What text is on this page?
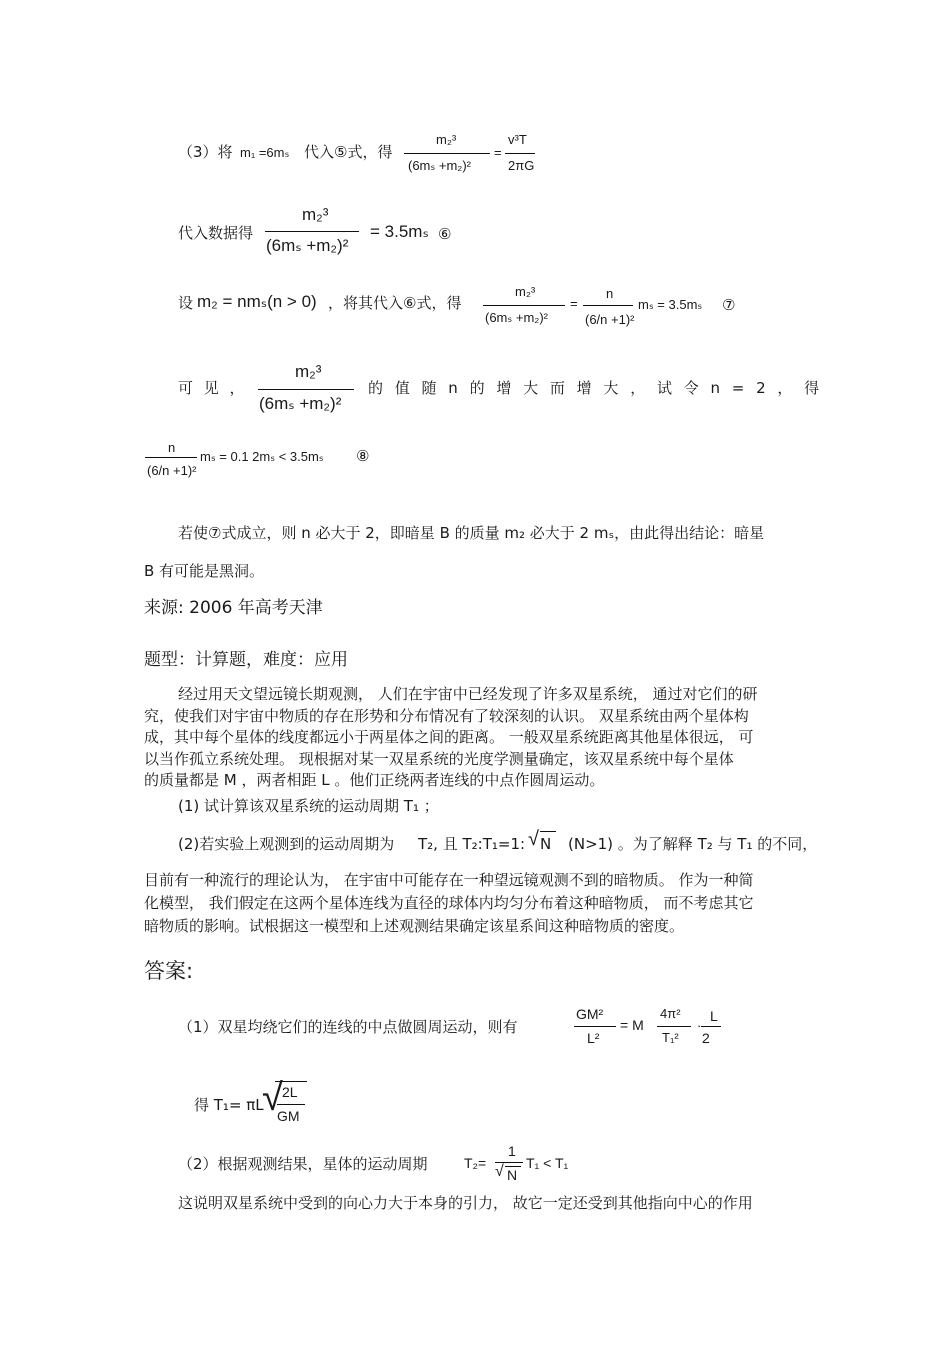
（3）将 m₁ =6mₛ 代入⑤式，得
m₂³
(6mₛ +m₂)²
=
v³T
2πG
代入数据得
m₂³
(6mₛ +m₂)²
= 3.5mₛ ⑥
设 m₂ = nmₛ(n > 0) ，将其代入⑥式，得
m₂³
(6mₛ +m₂)²
=
n
(6/n +1)²
mₛ = 3.5mₛ ⑦
可 见 ，
m₂³
(6mₛ +m₂)²
的 值 随 n 的 增 大 而 增 大 ， 试 令 n = 2 ， 得
n
(6/n +1)²
mₛ = 0.1 2mₛ < 3.5mₛ ⑧
若使⑦式成立，则 n 必大于 2，即暗星 B 的质量 m₂ 必大于 2 mₛ，由此得出结论：暗星
B 有可能是黑洞。
来源: 2006 年高考天津
题型：计算题，难度：应用
经过用天文望远镜长期观测， 人们在宇宙中已经发现了许多双星系统， 通过对它们的研
究，使我们对宇宙中物质的存在形势和分布情况有了较深刻的认识。 双星系统由两个星体构
成，其中每个星体的线度都远小于两星体之间的距离。 一般双星系统距离其他星体很远， 可
以当作孤立系统处理。 现根据对某一双星系统的光度学测量确定，该双星系统中每个星体
的质量都是 M ，两者相距 L 。他们正绕两者连线的中点作圆周运动。
(1) 试计算该双星系统的运动周期 T₁ ；
(2)若实验上观测到的运动周期为 T₂, 且 T₂:T₁=1: √ N (N>1) 。为了解释 T₂ 与 T₁ 的不同，
目前有一种流行的理论认为， 在宇宙中可能存在一种望远镜观测不到的暗物质。 作为一种简
化模型， 我们假定在这两个星体连线为直径的球体内均匀分布着这种暗物质， 而不考虑其它
暗物质的影响。试根据这一模型和上述观测结果确定该星系间这种暗物质的密度。
答案:
（1）双星均绕它们的连线的中点做圆周运动，则有
GM²
L²
= M
4π²
T₁²
·
L
2
得 T₁= πL
√ 2L
GM
（2）根据观测结果，星体的运动周期	T₂=
1
√ N
T₁ < T₁
这说明双星系统中受到的向心力大于本身的引力， 故它一定还受到其他指向中心的作用
